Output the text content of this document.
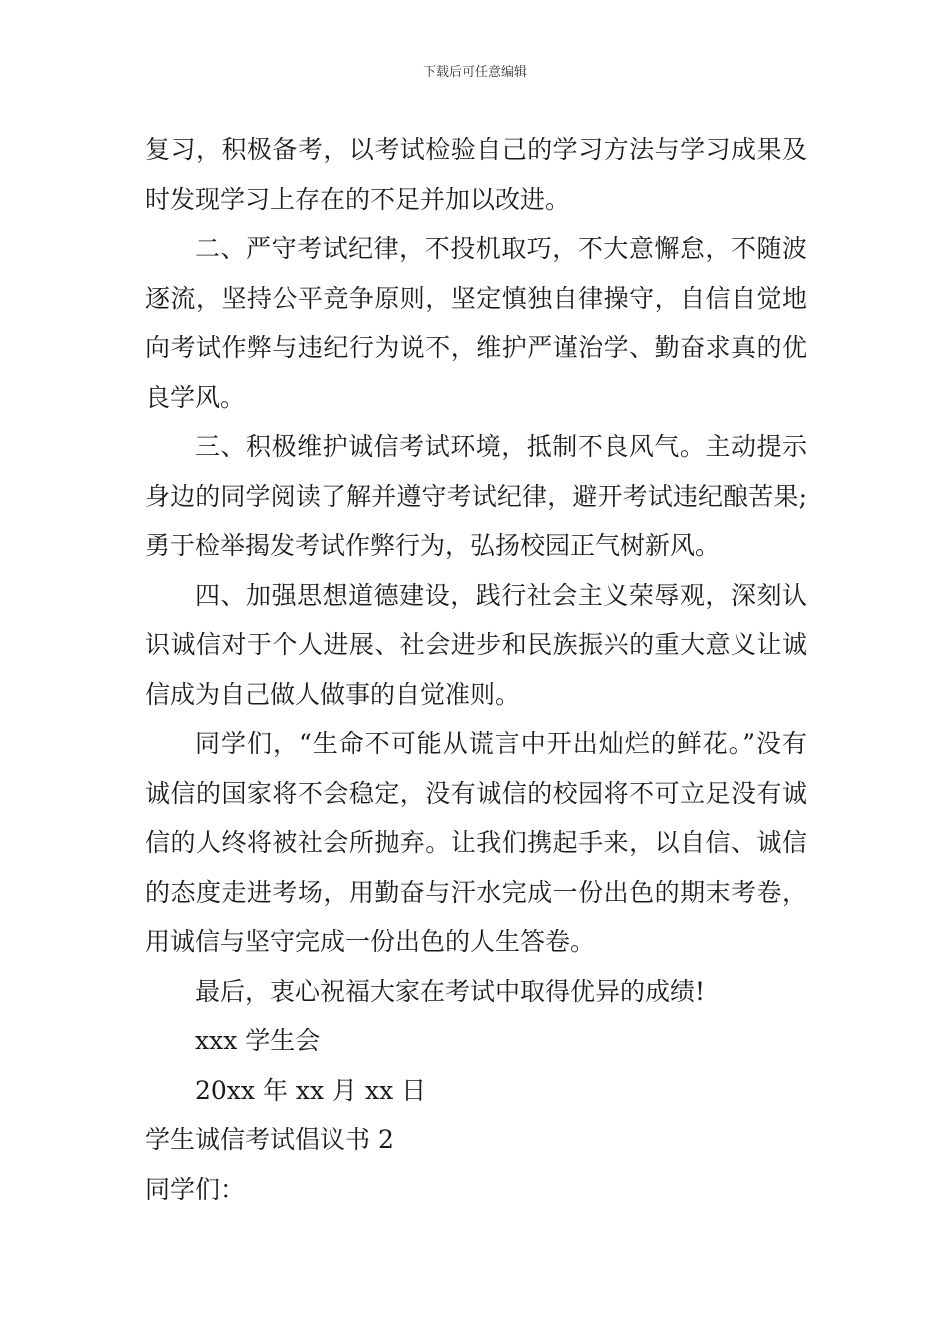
下载后可任意编辑

复习，积极备考，以考试检验自己的学习方法与学习成果及时发现学习上存在的不足并加以改进。

二、严守考试纪律，不投机取巧，不大意懈怠，不随波逐流，坚持公平竞争原则，坚定慎独自律操守，自信自觉地向考试作弊与违纪行为说不，维护严谨治学、勤奋求真的优良学风。

三、积极维护诚信考试环境，抵制不良风气。主动提示身边的同学阅读了解并遵守考试纪律，避开考试违纪酿苦果;勇于检举揭发考试作弊行为，弘扬校园正气树新风。

四、加强思想道德建设，践行社会主义荣辱观，深刻认识诚信对于个人进展、社会进步和民族振兴的重大意义让诚信成为自己做人做事的自觉准则。

同学们，“生命不可能从谎言中开出灿烂的鲜花。”没有诚信的国家将不会稳定，没有诚信的校园将不可立足没有诚信的人终将被社会所抛弃。让我们携起手来，以自信、诚信的态度走进考场，用勤奋与汗水完成一份出色的期末考卷，用诚信与坚守完成一份出色的人生答卷。

最后，衷心祝福大家在考试中取得优异的成绩!

xxx 学生会

20xx 年 xx 月 xx 日

学生诚信考试倡议书 2

同学们：
